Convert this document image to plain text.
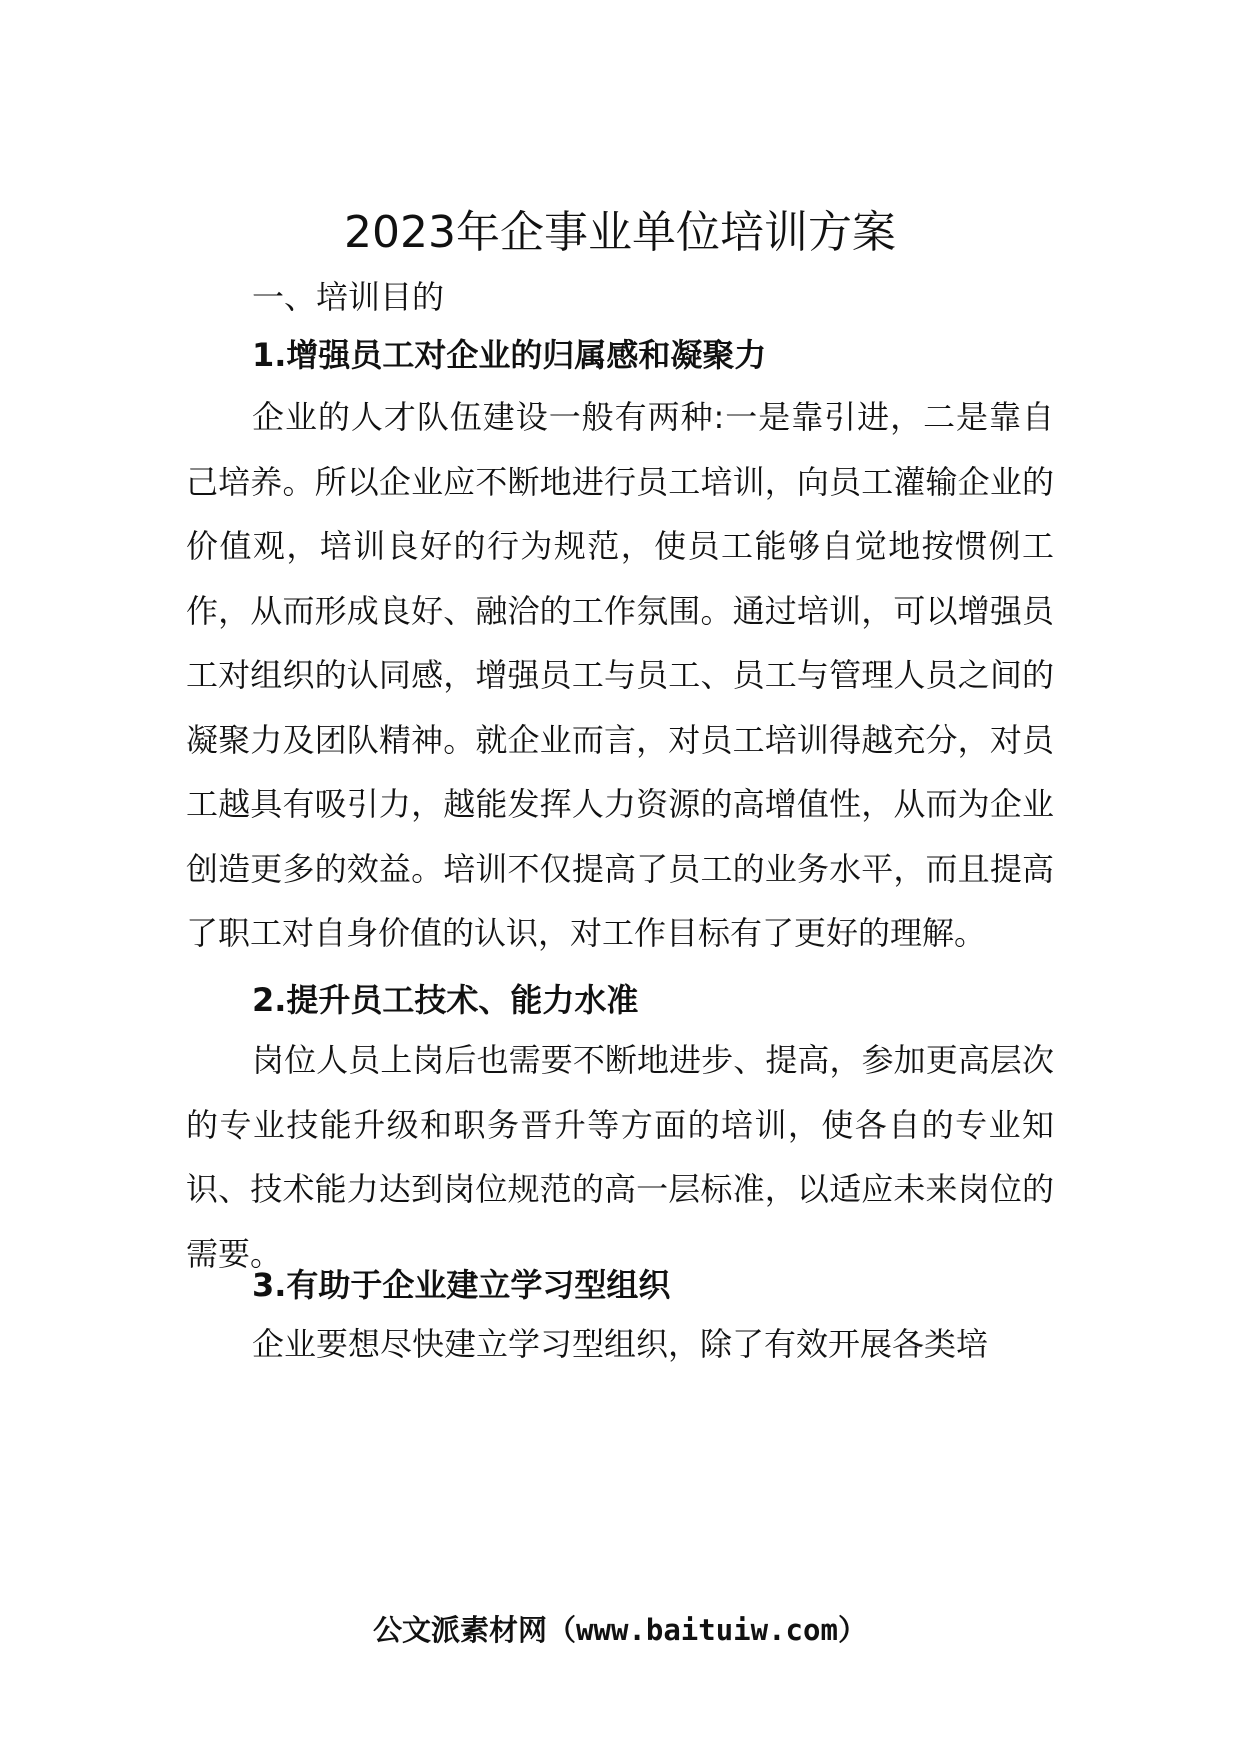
2023年企事业单位培训方案

一、培训目的

1.增强员工对企业的归属感和凝聚力

企业的人才队伍建设一般有两种:一是靠引进，二是靠自己培养。所以企业应不断地进行员工培训，向员工灌输企业的价值观，培训良好的行为规范，使员工能够自觉地按惯例工作，从而形成良好、融洽的工作氛围。通过培训，可以增强员工对组织的认同感，增强员工与员工、员工与管理人员之间的凝聚力及团队精神。就企业而言，对员工培训得越充分，对员工越具有吸引力，越能发挥人力资源的高增值性，从而为企业创造更多的效益。培训不仅提高了员工的业务水平，而且提高了职工对自身价值的认识，对工作目标有了更好的理解。

2.提升员工技术、能力水准

岗位人员上岗后也需要不断地进步、提高，参加更高层次的专业技能升级和职务晋升等方面的培训，使各自的专业知识、技术能力达到岗位规范的高一层标准，以适应未来岗位的需要。

3.有助于企业建立学习型组织

企业要想尽快建立学习型组织，除了有效开展各类培

公文派素材网（www.baituiw.com）
